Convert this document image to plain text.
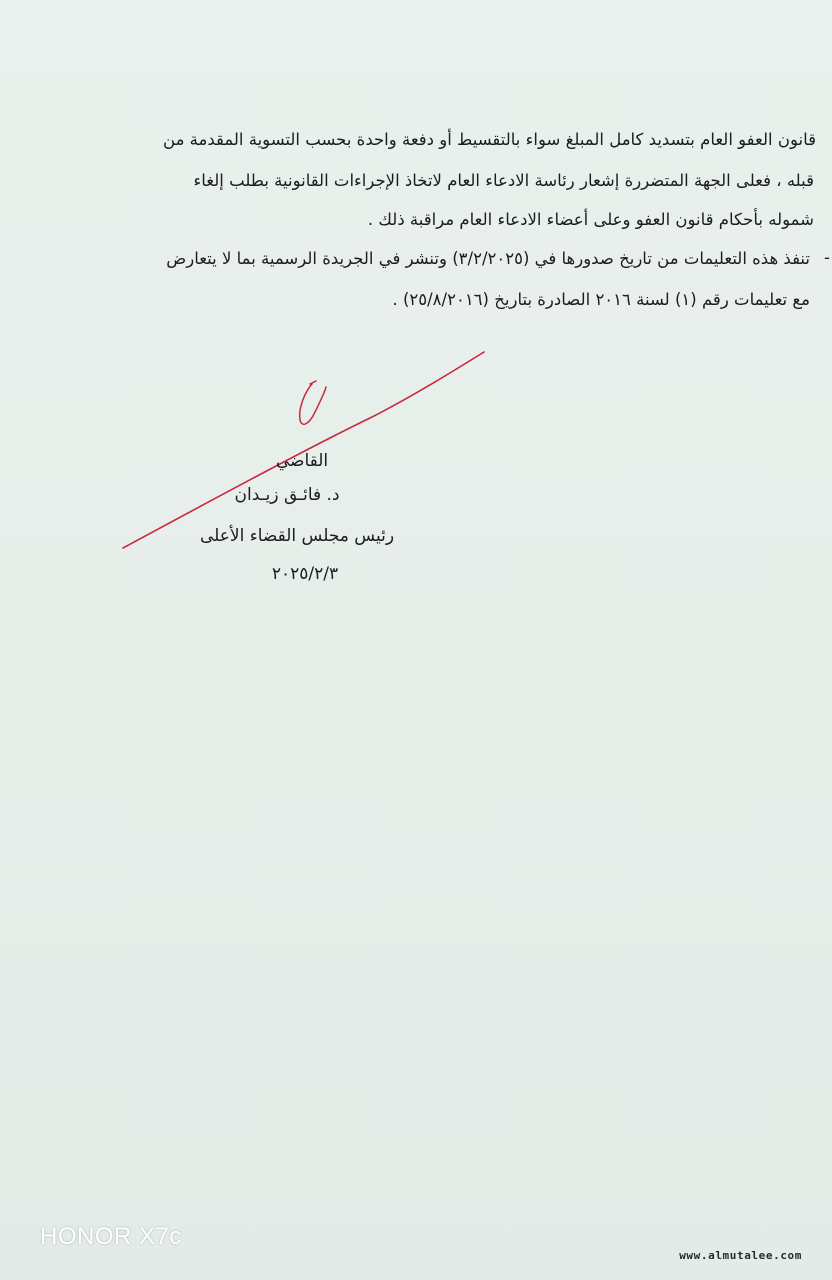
قانون العفو العام بتسديد كامل المبلغ سواء بالتقسيط أو دفعة واحدة بحسب التسوية المقدمة من
قبله ، فعلى الجهة المتضررة إشعار رئاسة الادعاء العام لاتخاذ الإجراءات القانونية بطلب إلغاء
شموله بأحكام قانون العفو وعلى أعضاء الادعاء العام مراقبة ذلك .
-
تنفذ هذه التعليمات من تاريخ صدورها في (٣/٢/٢٠٢٥) وتنشر في الجريدة الرسمية بما لا يتعارض
مع تعليمات رقم (١) لسنة ٢٠١٦ الصادرة بتاريخ (٢٥/٨/٢٠١٦) .
القاضي
د. فائـق زيـدان
رئيس مجلس القضاء الأعلى
٢٠٢٥/٢/٣
HONOR X7c
www.almutalee.com
